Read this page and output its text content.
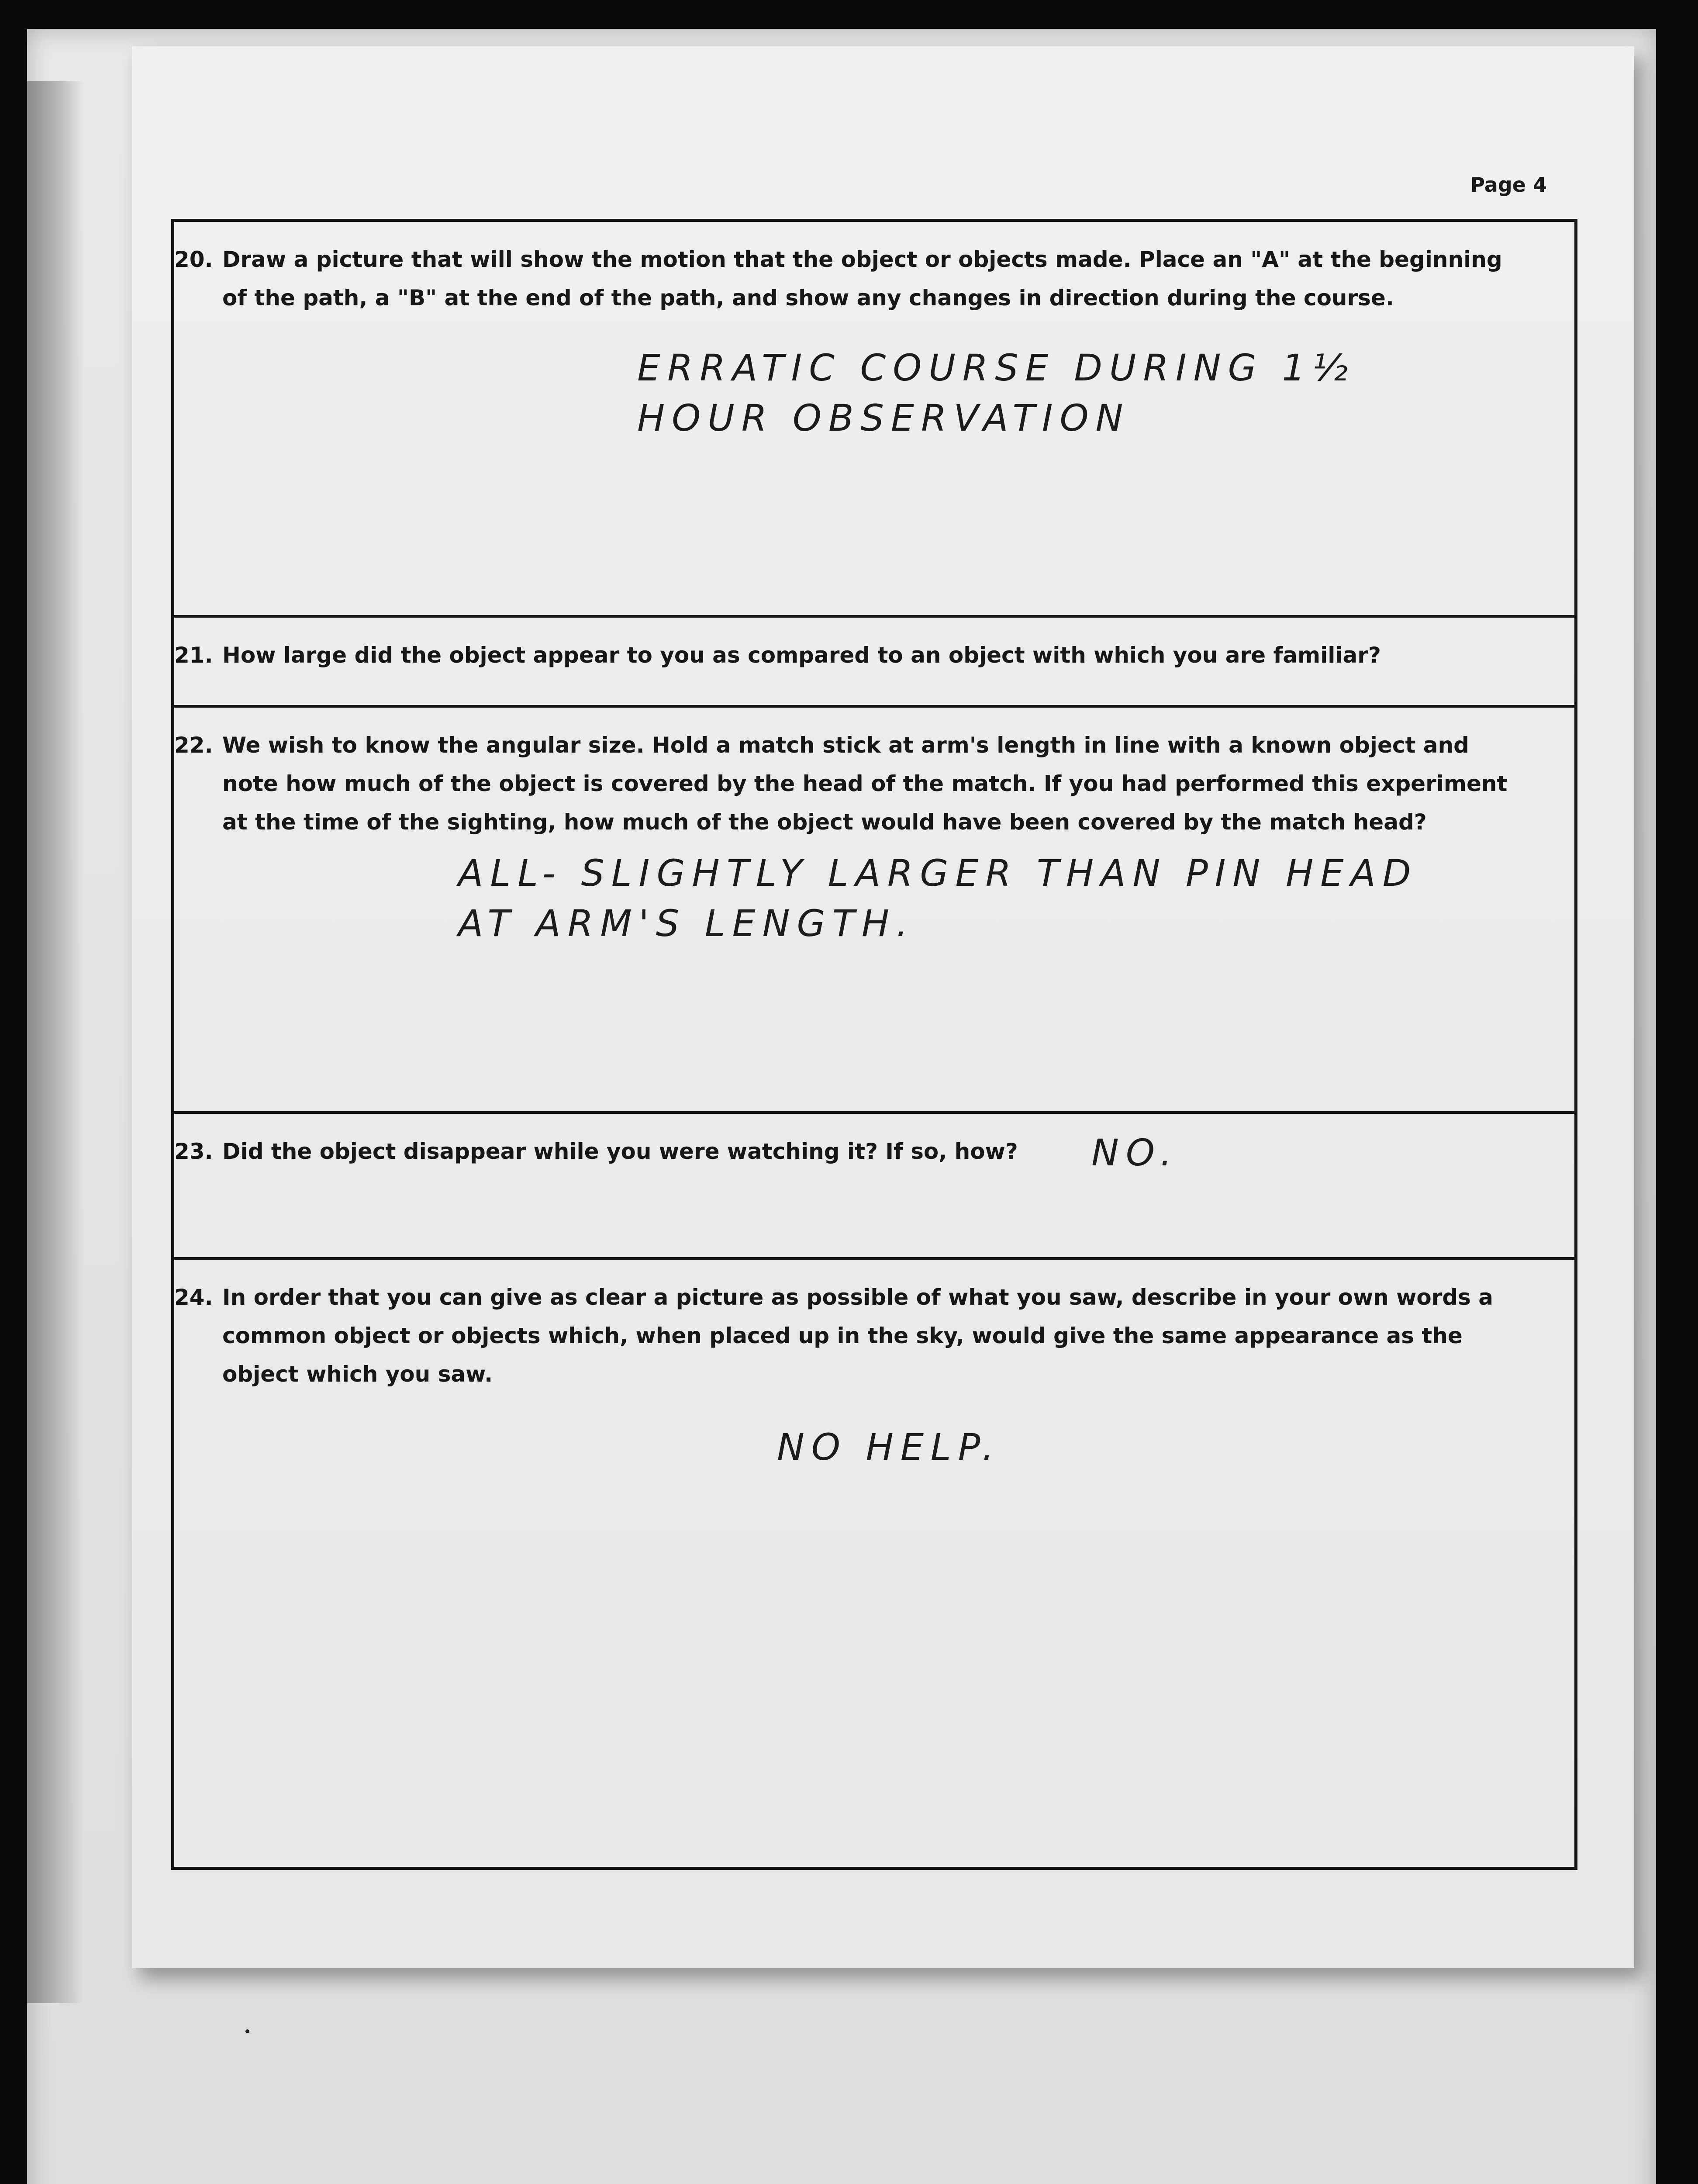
Page 4
20. Draw a picture that will show the motion that the object or objects made. Place an "A" at the beginning of the path, a "B" at the end of the path, and show any changes in direction during the course.
ERRATIC COURSE DURING 1½
HOUR OBSERVATION
21. How large did the object appear to you as compared to an object with which you are familiar?
22. We wish to know the angular size. Hold a match stick at arm's length in line with a known object and note how much of the object is covered by the head of the match. If you had performed this experiment at the time of the sighting, how much of the object would have been covered by the match head?
ALL- SLIGHTLY LARGER THAN PIN HEAD
AT ARM'S LENGTH.
23. Did the object disappear while you were watching it? If so, how?	NO.
24. In order that you can give as clear a picture as possible of what you saw, describe in your own words a common object or objects which, when placed up in the sky, would give the same appearance as the object which you saw.
NO HELP.
